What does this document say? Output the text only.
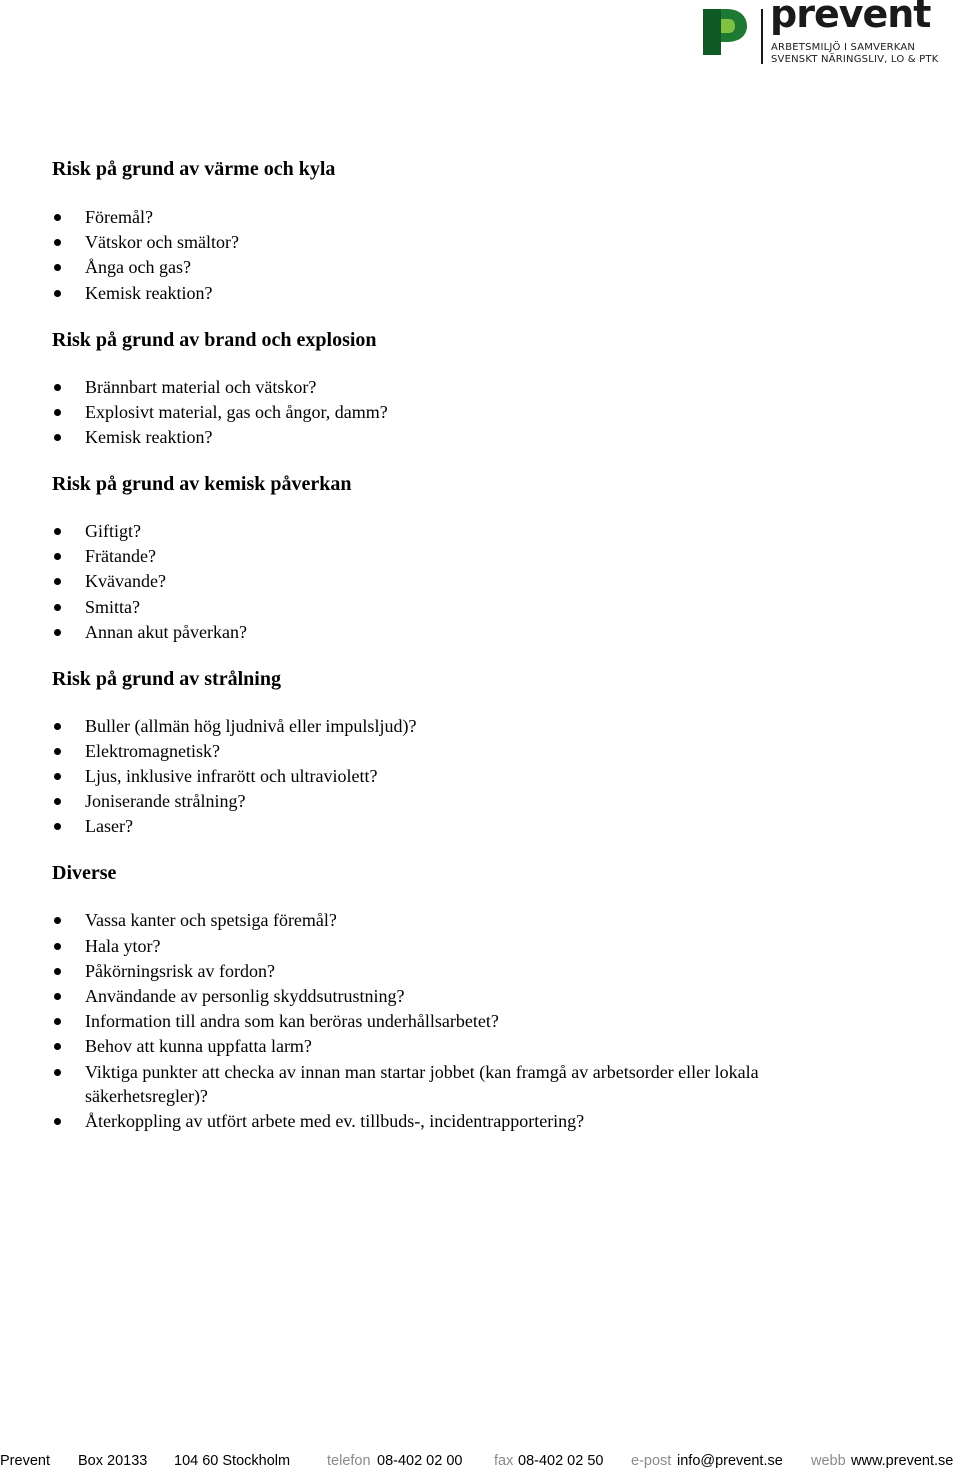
prevent
ARBETSMILJÖ I SAMVERKAN
SVENSKT NÄRINGSLIV, LO & PTK
Risk på grund av värme och kyla
Föremål?
Vätskor och smältor?
Ånga och gas?
Kemisk reaktion?
Risk på grund av brand och explosion
Brännbart material och vätskor?
Explosivt material, gas och ångor, damm?
Kemisk reaktion?
Risk på grund av kemisk påverkan
Giftigt?
Frätande?
Kvävande?
Smitta?
Annan akut påverkan?
Risk på grund av strålning
Buller (allmän hög ljudnivå eller impulsljud)?
Elektromagnetisk?
Ljus, inklusive infrarött och ultraviolett?
Joniserande strålning?
Laser?
Diverse
Vassa kanter och spetsiga föremål?
Hala ytor?
Påkörningsrisk av fordon?
Användande av personlig skyddsutrustning?
Information till andra som kan beröras underhållsarbetet?
Behov att kunna uppfatta larm?
Viktiga punkter att checka av innan man startar jobbet (kan framgå av arbetsorder eller lokala säkerhetsregler)?
Återkoppling av utfört arbete med ev. tillbuds-, incidentrapportering?
Prevent Box 20133 104 60 Stockholm	telefon 08-402 02 00 fax 08-402 02 50 e-post info@prevent.se webb www.prevent.se
